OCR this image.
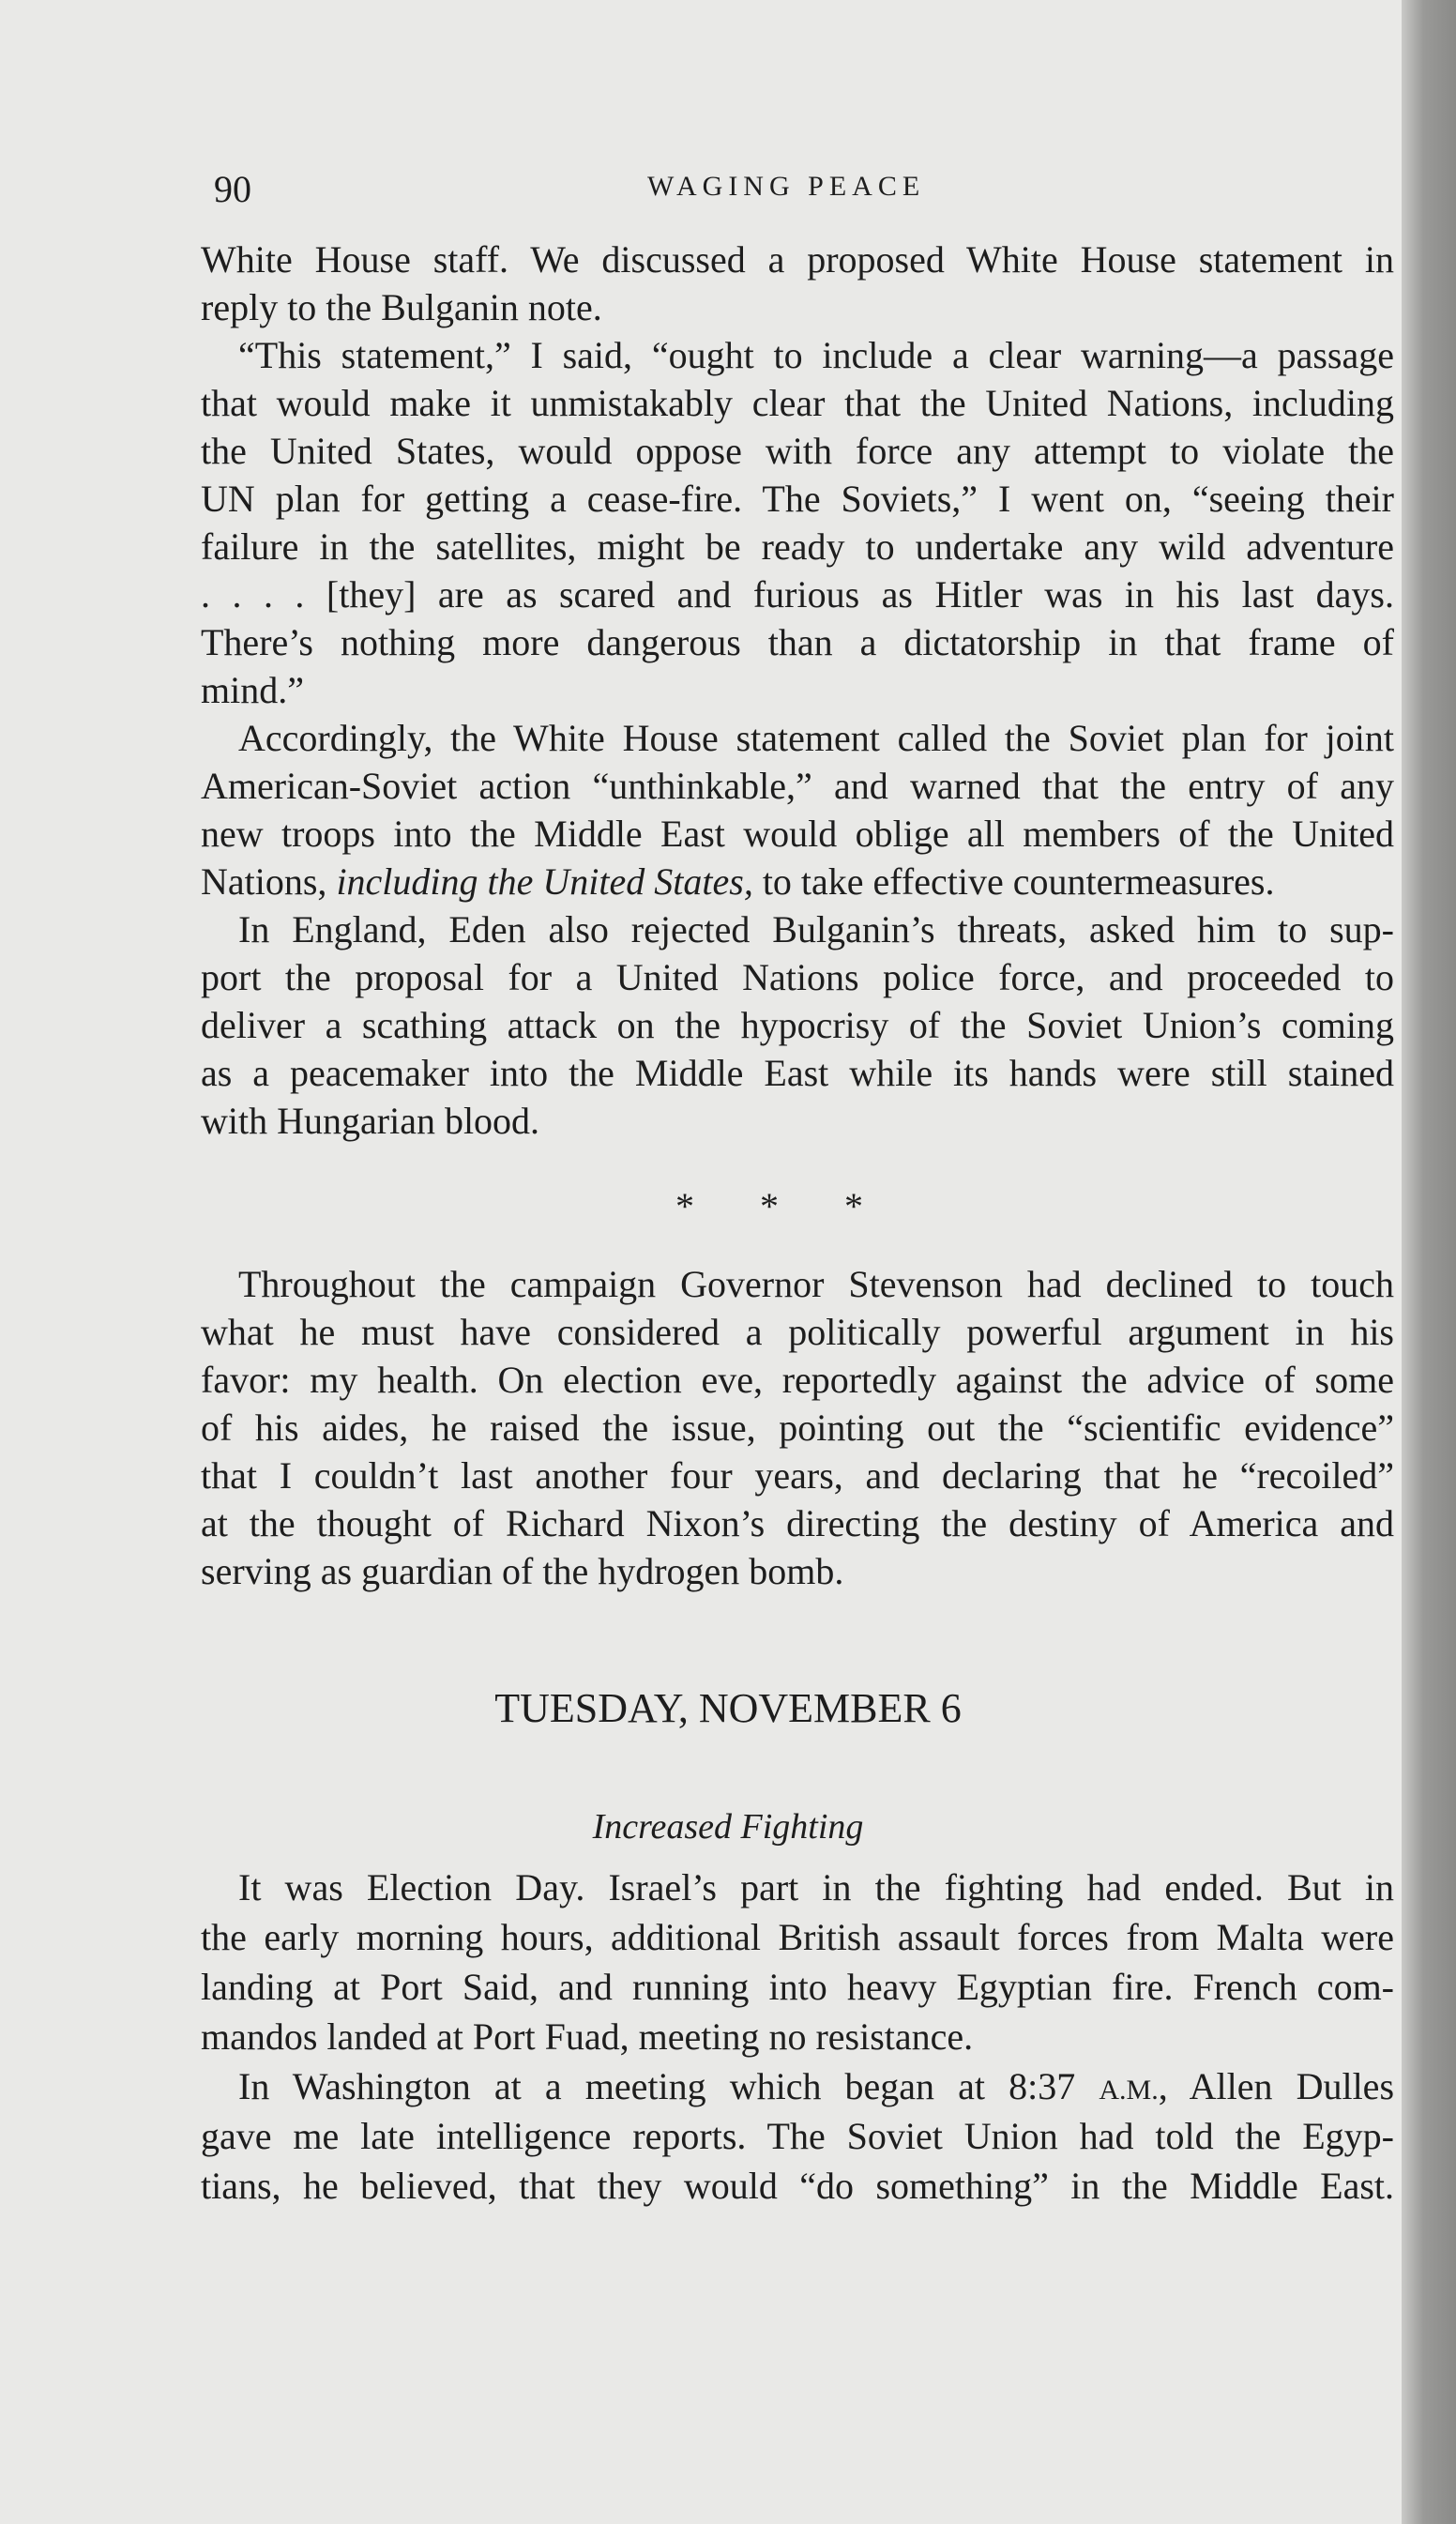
90	WAGING PEACE
White House staff. We discussed a proposed White House statement in
reply to the Bulganin note.
“This statement,” I said, “ought to include a clear warning—a passage
that would make it unmistakably clear that the United Nations, including
the United States, would oppose with force any attempt to violate the
UN plan for getting a cease-fire. The Soviets,” I went on, “seeing their
failure in the satellites, might be ready to undertake any wild adventure
. . . . [they] are as scared and furious as Hitler was in his last days.
There’s nothing more dangerous than a dictatorship in that frame of
mind.”
Accordingly, the White House statement called the Soviet plan for joint
American-Soviet action “unthinkable,” and warned that the entry of any
new troops into the Middle East would oblige all members of the United
Nations, including the United States, to take effective countermeasures.
In England, Eden also rejected Bulganin’s threats, asked him to sup-
port the proposal for a United Nations police force, and proceeded to
deliver a scathing attack on the hypocrisy of the Soviet Union’s coming
as a peacemaker into the Middle East while its hands were still stained
with Hungarian blood.
* * *
Throughout the campaign Governor Stevenson had declined to touch
what he must have considered a politically powerful argument in his
favor: my health. On election eve, reportedly against the advice of some
of his aides, he raised the issue, pointing out the “scientific evidence”
that I couldn’t last another four years, and declaring that he “recoiled”
at the thought of Richard Nixon’s directing the destiny of America and
serving as guardian of the hydrogen bomb.
TUESDAY, NOVEMBER 6
Increased Fighting
It was Election Day. Israel’s part in the fighting had ended. But in
the early morning hours, additional British assault forces from Malta were
landing at Port Said, and running into heavy Egyptian fire. French com-
mandos landed at Port Fuad, meeting no resistance.
In Washington at a meeting which began at 8:37 A.M. , Allen Dulles
gave me late intelligence reports. The Soviet Union had told the Egyp-
tians, he believed, that they would “do something” in the Middle East.
